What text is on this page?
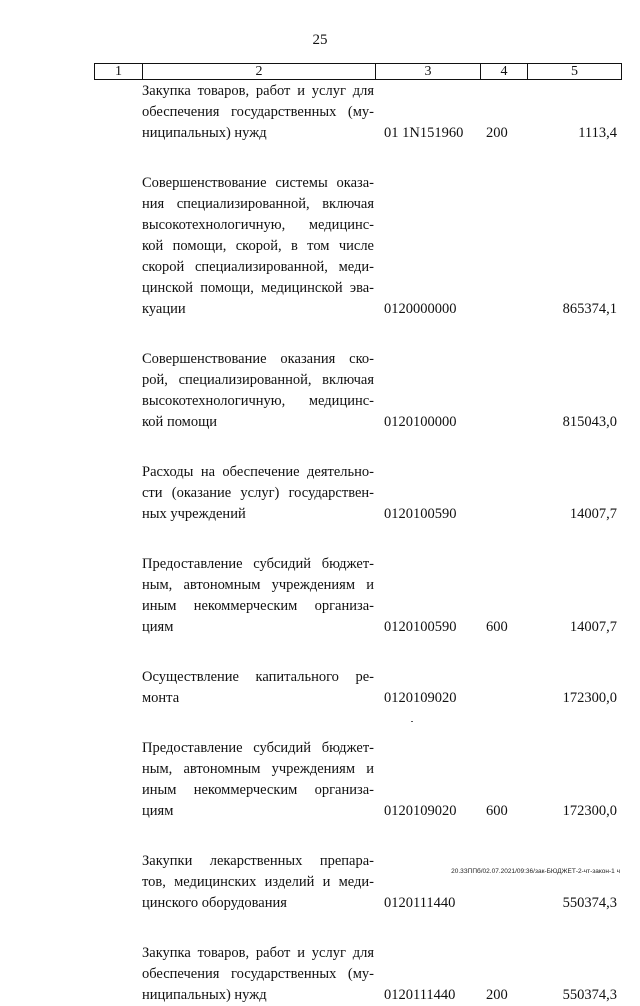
25
1	2	3	4	5
Закупка товаров, работ и услуг для
обеспечения государственных (му-
ниципальных) нужд	01 1N151960 200	1113,4
Совершенствование системы оказа-
ния специализированной, включая
высокотехнологичную, медицинс-
кой помощи, скорой, в том числе
скорой специализированной, меди-
цинской помощи, медицинской эва-
куации	0120000000	865374,1
Совершенствование оказания ско-
рой, специализированной, включая
высокотехнологичную, медицинс-
кой помощи	0120100000	815043,0
Расходы на обеспечение деятельно-
сти (оказание услуг) государствен-
ных учреждений	0120100590	14007,7
Предоставление субсидий бюджет-
ным, автономным учреждениям и
иным некоммерческим организа-
циям	0120100590 600	14007,7
Осуществление капитального ре-
монта	0120109020	172300,0
Предоставление субсидий бюджет-
ным, автономным учреждениям и
иным некоммерческим организа-
циям	0120109020 600	172300,0
Закупки лекарственных препара-
тов, медицинских изделий и меди-
цинского оборудования	0120111440	550374,3
Закупка товаров, работ и услуг для
обеспечения государственных (му-
ниципальных) нужд	0120111440 200	550374,3
20.3ЗППб/02.07.2021/09:36/зак-БЮДЖЕТ-2-чт-закон-1 ч
